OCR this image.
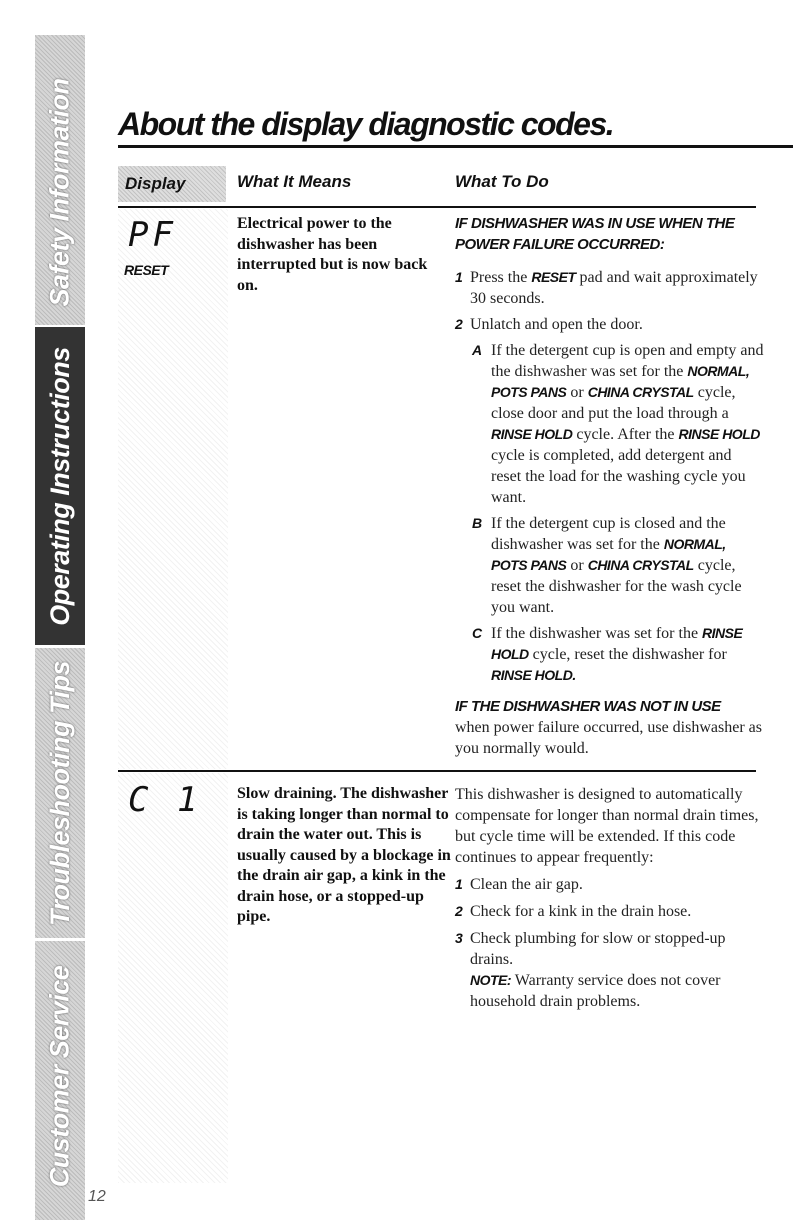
Safety Information
Operating Instructions
Troubleshooting Tips
Customer Service
12
About the display diagnostic codes.
Display	What It Means	What To Do
PF
RESET
Electrical power to the dishwasher has been interrupted but is now back on.

IF DISHWASHER WAS IN USE WHEN THE POWER FAILURE OCCURRED:

1 Press the RESET pad and wait approximately 30 seconds.
2 Unlatch and open the door.
A If the detergent cup is open and empty and the dishwasher was set for the NORMAL, POTS PANS or CHINA CRYSTAL cycle, close door and put the load through a RINSE HOLD cycle. After the RINSE HOLD cycle is completed, add detergent and reset the load for the washing cycle you want.
B If the detergent cup is closed and the dishwasher was set for the NORMAL, POTS PANS or CHINA CRYSTAL cycle, reset the dishwasher for the wash cycle you want.
C If the dishwasher was set for the RINSE HOLD cycle, reset the dishwasher for RINSE HOLD.

IF THE DISHWASHER WAS NOT IN USE

when power failure occurred, use dishwasher as you normally would.

C 1 Slow draining. The dishwasher is taking longer than normal to drain the water out. This is usually caused by a blockage in the drain air gap, a kink in the drain hose, or a stopped-up pipe.

This dishwasher is designed to automatically compensate for longer than normal drain times, but cycle time will be extended. If this code continues to appear frequently:

1 Clean the air gap.
2 Check for a kink in the drain hose.
3 Check plumbing for slow or stopped-up drains.
NOTE: Warranty service does not cover household drain problems.
